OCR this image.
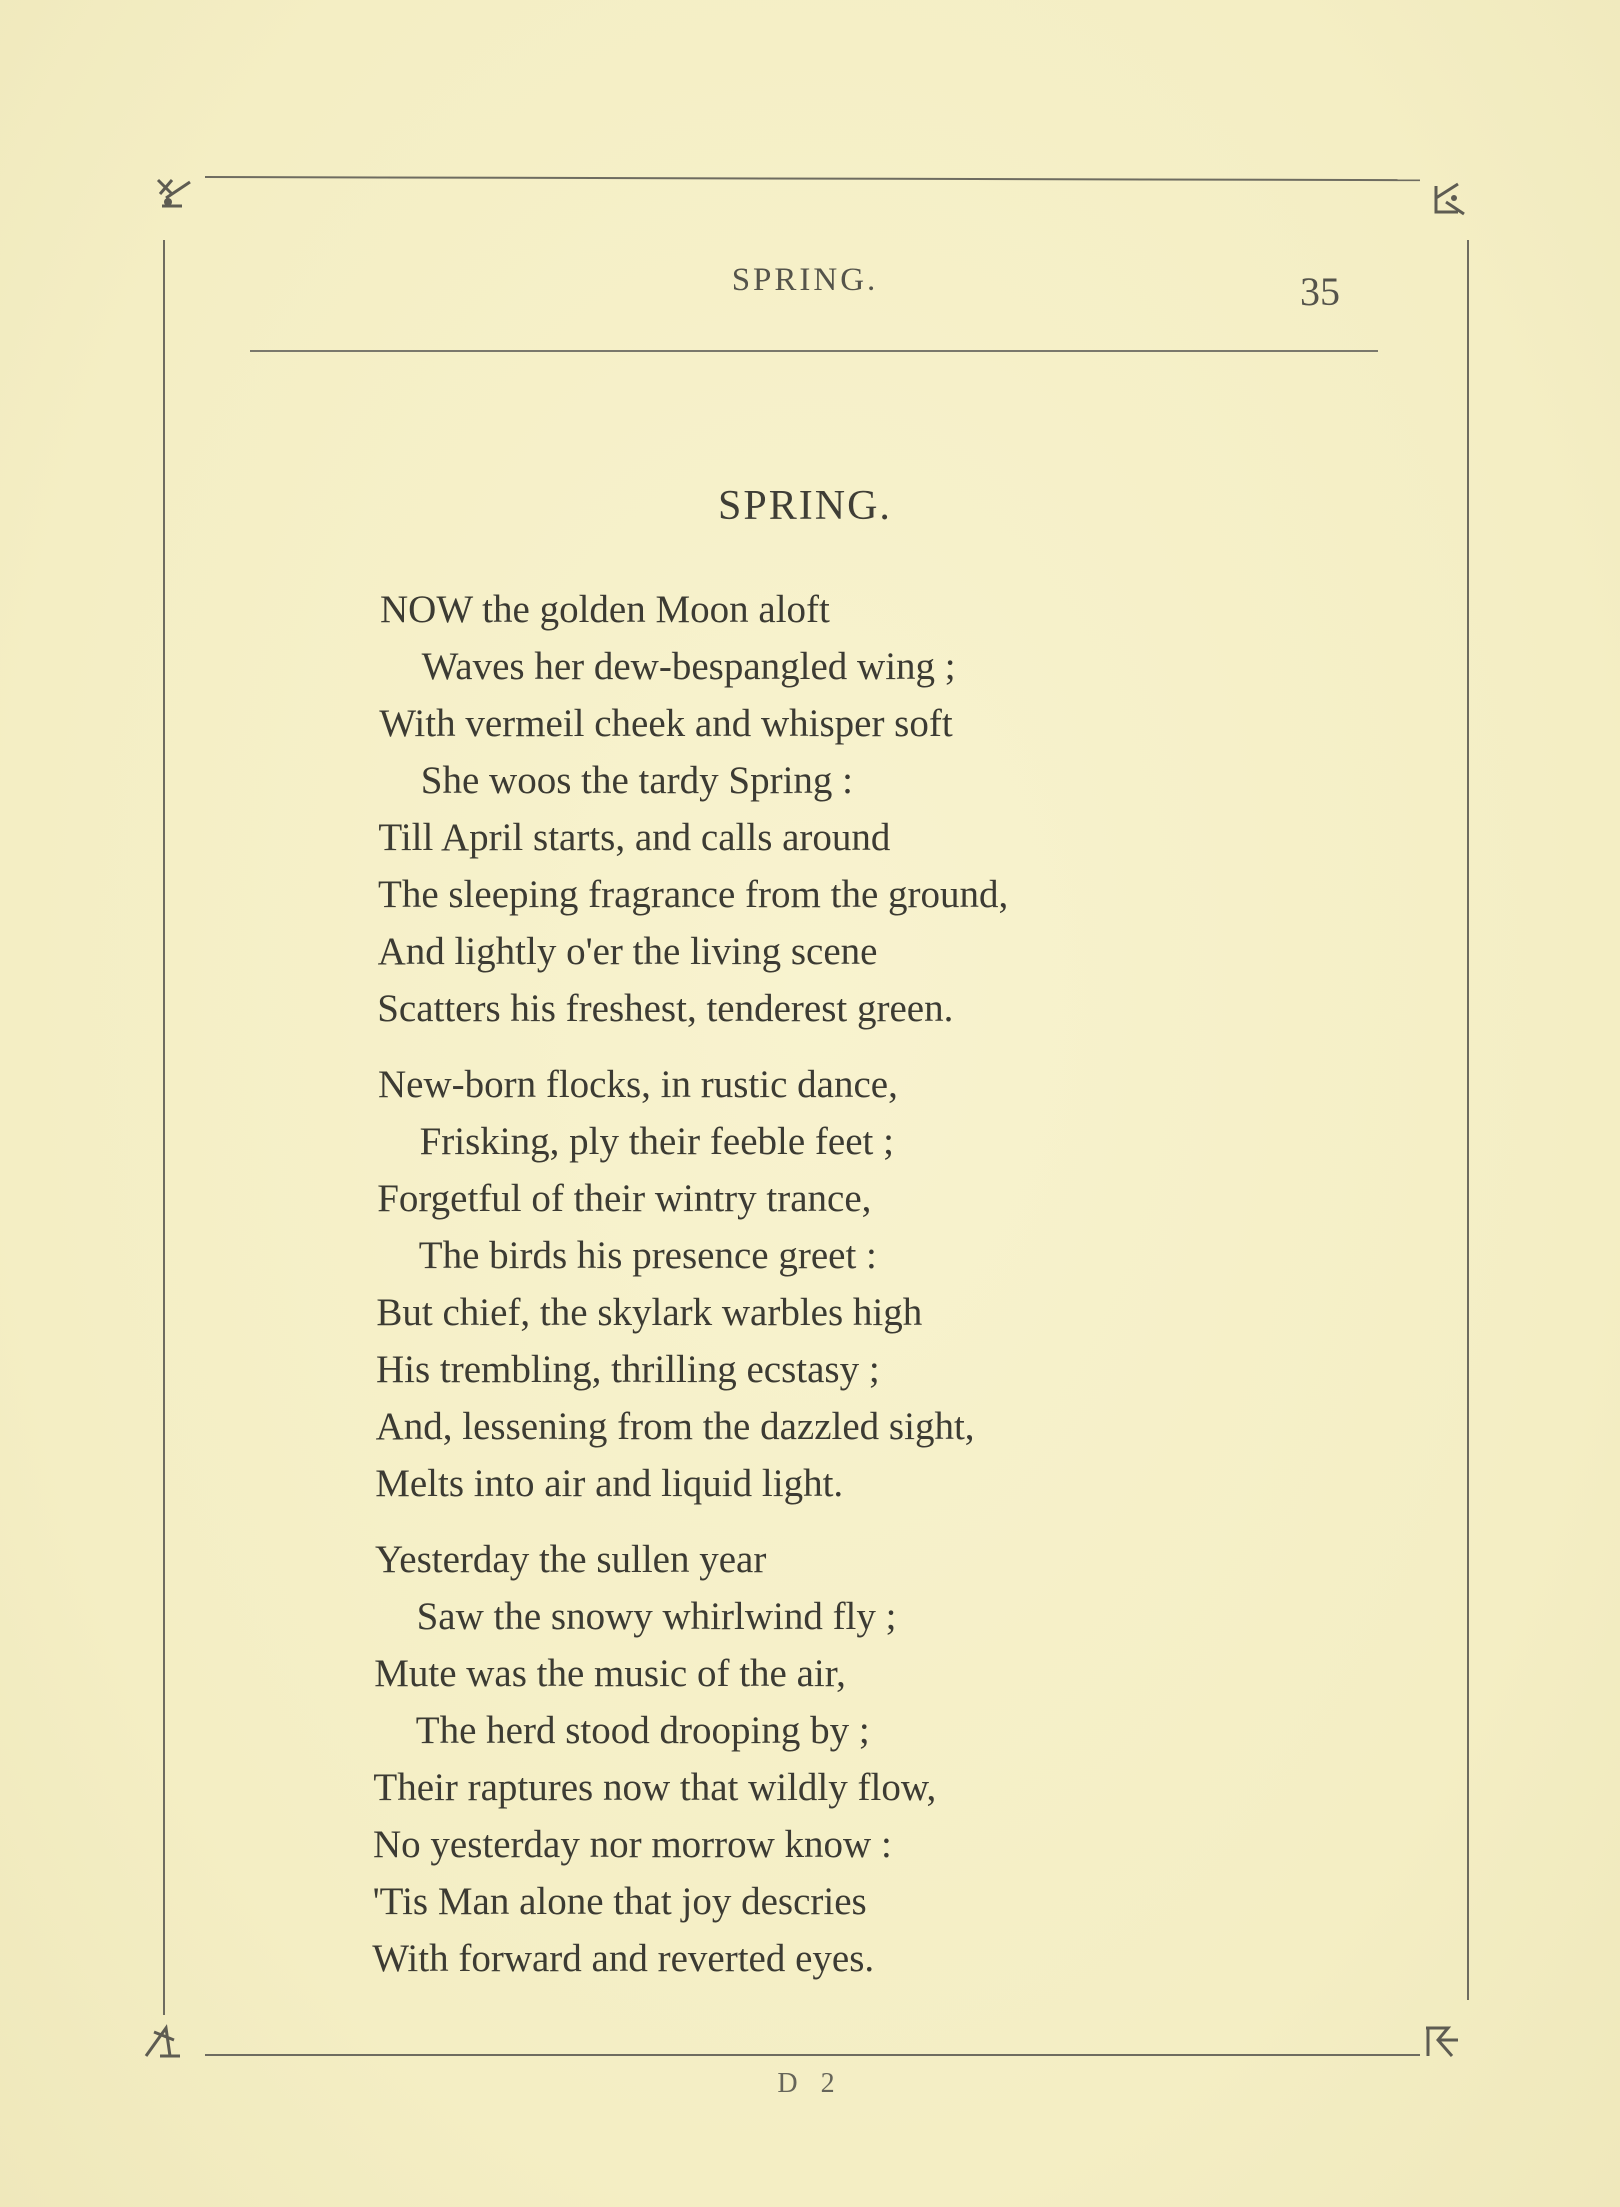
SPRING.	35
SPRING.
NOW the golden Moon aloft
Waves her dew-bespangled wing ;
With vermeil cheek and whisper soft
She woos the tardy Spring :
Till April starts, and calls around
The sleeping fragrance from the ground,
And lightly o'er the living scene
Scatters his freshest, tenderest green.
New-born flocks, in rustic dance,
Frisking, ply their feeble feet ;
Forgetful of their wintry trance,
The birds his presence greet :
But chief, the skylark warbles high
His trembling, thrilling ecstasy ;
And, lessening from the dazzled sight,
Melts into air and liquid light.
Yesterday the sullen year
Saw the snowy whirlwind fly ;
Mute was the music of the air,
The herd stood drooping by ;
Their raptures now that wildly flow,
No yesterday nor morrow know :
'Tis Man alone that joy descries
With forward and reverted eyes.
D 2
